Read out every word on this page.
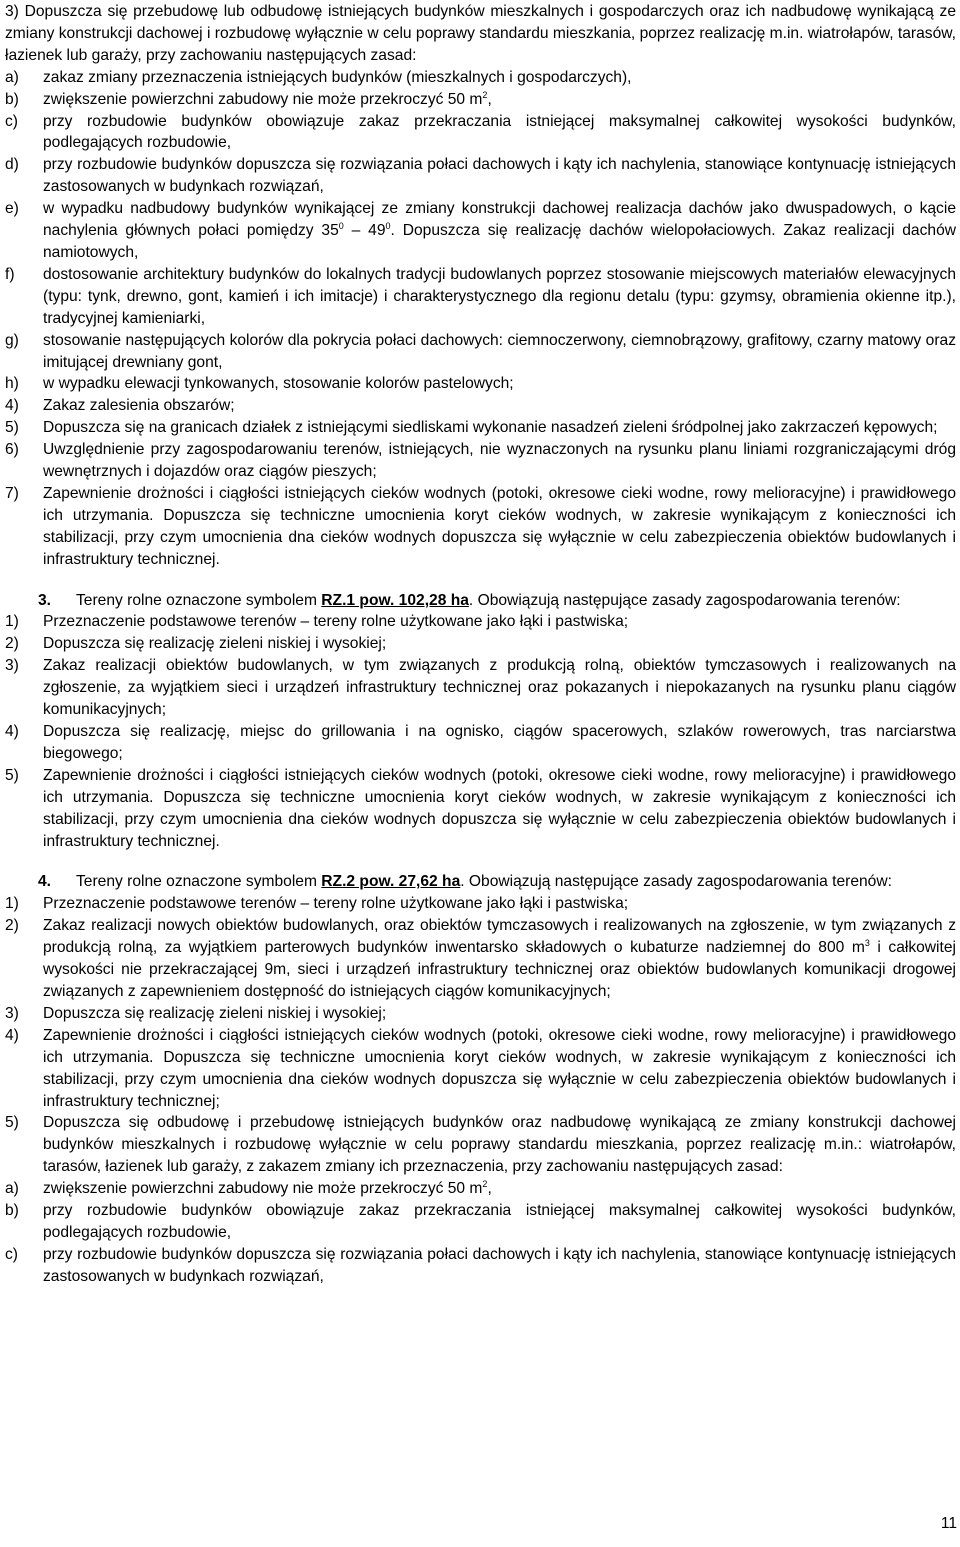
3) Dopuszcza się przebudowę lub odbudowę istniejących budynków mieszkalnych i gospodarczych oraz ich nadbudowę wynikającą ze zmiany konstrukcji dachowej i rozbudowę wyłącznie w celu poprawy standardu mieszkania, poprzez realizację m.in. wiatrołapów, tarasów, łazienek lub garaży, przy zachowaniu następujących zasad:

a)	zakaz zmiany przeznaczenia istniejących budynków (mieszkalnych i gospodarczych),
b)	zwiększenie powierzchni zabudowy nie może przekroczyć 50 $m^2$,
c)	przy rozbudowie budynków obowiązuje zakaz przekraczania istniejącej maksymalnej całkowitej wysokości budynków, podlegających rozbudowie,
d)	przy rozbudowie budynków dopuszcza się rozwiązania połaci dachowych i kąty ich nachylenia, stanowiące kontynuację istniejących zastosowanych w budynkach rozwiązań,
e)	w wypadku nadbudowy budynków wynikającej ze zmiany konstrukcji dachowej realizacja dachów jako dwuspadowych, o kącie nachylenia głównych połaci pomiędzy $35^0 - 49^0$. Dopuszcza się realizację dachów wielopołaciowych. Zakaz realizacji dachów namiotowych,
f)	dostosowanie architektury budynków do lokalnych tradycji budowlanych poprzez stosowanie miejscowych materiałów elewacyjnych (typu: tynk, drewno, gont, kamień i ich imitacje) i charakterystycznego dla regionu detalu (typu: gzymsy, obramienia okienne itp.), tradycyjnej kamieniarki,
g)	stosowanie następujących kolorów dla pokrycia połaci dachowych: ciemnoczerwony, ciemnobrązowy, grafitowy, czarny matowy oraz imitującej drewniany gont,
h)	w wypadku elewacji tynkowanych, stosowanie kolorów pastelowych;
4)	Zakaz zalesienia obszarów;
5)	Dopuszcza się na granicach działek z istniejącymi siedliskami wykonanie nasadzeń zieleni śródpolnej jako zakrzaczeń kępowych;
6)	Uwzględnienie przy zagospodarowaniu terenów, istniejących, nie wyznaczonych na rysunku planu liniami rozgraniczającymi dróg wewnętrznych i dojazdów oraz ciągów pieszych;
7)	Zapewnienie drożności i ciągłości istniejących cieków wodnych (potoki, okresowe cieki wodne, rowy melioracyjne) i prawidłowego ich utrzymania. Dopuszcza się techniczne umocnienia koryt cieków wodnych, w zakresie wynikającym z konieczności ich stabilizacji, przy czym umocnienia dna cieków wodnych dopuszcza się wyłącznie w celu zabezpieczenia obiektów budowlanych i infrastruktury technicznej.

3. Tereny rolne oznaczone symbolem RZ.1 pow. 102,28 ha. Obowiązują następujące zasady zagospodarowania terenów:

1)	Przeznaczenie podstawowe terenów – tereny rolne użytkowane jako łąki i pastwiska;
2)	Dopuszcza się realizację zieleni niskiej i wysokiej;
3)	Zakaz realizacji obiektów budowlanych, w tym związanych z produkcją rolną, obiektów tymczasowych i realizowanych na zgłoszenie, za wyjątkiem sieci i urządzeń infrastruktury technicznej oraz pokazanych i niepokazanych na rysunku planu ciągów komunikacyjnych;
4)	Dopuszcza się realizację, miejsc do grillowania i na ognisko, ciągów spacerowych, szlaków rowerowych, tras narciarstwa biegowego;
5)	Zapewnienie drożności i ciągłości istniejących cieków wodnych (potoki, okresowe cieki wodne, rowy melioracyjne) i prawidłowego ich utrzymania. Dopuszcza się techniczne umocnienia koryt cieków wodnych, w zakresie wynikającym z konieczności ich stabilizacji, przy czym umocnienia dna cieków wodnych dopuszcza się wyłącznie w celu zabezpieczenia obiektów budowlanych i infrastruktury technicznej.

4. Tereny rolne oznaczone symbolem RZ.2 pow. 27,62 ha. Obowiązują następujące zasady zagospodarowania terenów:

1)	Przeznaczenie podstawowe terenów – tereny rolne użytkowane jako łąki i pastwiska;
2)	Zakaz realizacji nowych obiektów budowlanych, oraz obiektów tymczasowych i realizowanych na zgłoszenie, w tym związanych z produkcją rolną, za wyjątkiem parterowych budynków inwentarsko składowych o kubaturze nadziemnej do 800 $m^3$ i całkowitej wysokości nie przekraczającej 9m, sieci i urządzeń infrastruktury technicznej oraz obiektów budowlanych komunikacji drogowej związanych z zapewnieniem dostępność do istniejących ciągów komunikacyjnych;
3)	Dopuszcza się realizację zieleni niskiej i wysokiej;
4)	Zapewnienie drożności i ciągłości istniejących cieków wodnych (potoki, okresowe cieki wodne, rowy melioracyjne) i prawidłowego ich utrzymania. Dopuszcza się techniczne umocnienia koryt cieków wodnych, w zakresie wynikającym z konieczności ich stabilizacji, przy czym umocnienia dna cieków wodnych dopuszcza się wyłącznie w celu zabezpieczenia obiektów budowlanych i infrastruktury technicznej;
5)	Dopuszcza się odbudowę i przebudowę istniejących budynków oraz nadbudowę wynikającą ze zmiany konstrukcji dachowej budynków mieszkalnych i rozbudowę wyłącznie w celu poprawy standardu mieszkania, poprzez realizację m.in.: wiatrołapów, tarasów, łazienek lub garaży, z zakazem zmiany ich przeznaczenia, przy zachowaniu następujących zasad:
a)	zwiększenie powierzchni zabudowy nie może przekroczyć 50 $m^2$,
b)	przy rozbudowie budynków obowiązuje zakaz przekraczania istniejącej maksymalnej całkowitej wysokości budynków, podlegających rozbudowie,
c)	przy rozbudowie budynków dopuszcza się rozwiązania połaci dachowych i kąty ich nachylenia, stanowiące kontynuację istniejących zastosowanych w budynkach rozwiązań,
11
